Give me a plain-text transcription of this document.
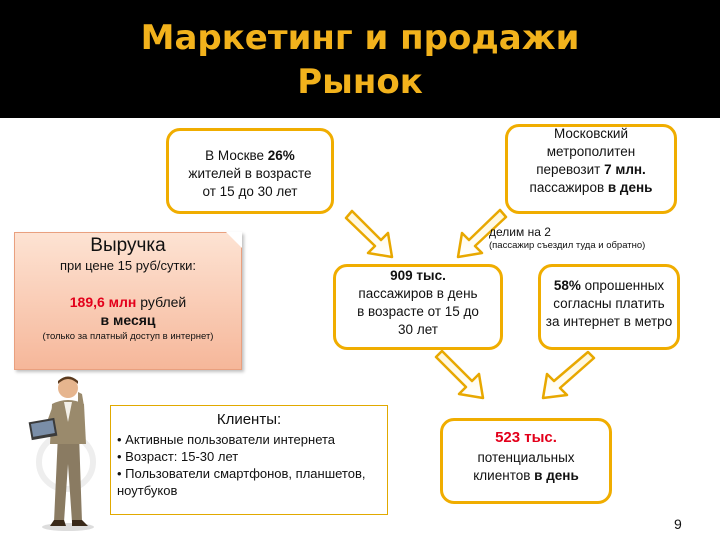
Маркетинг и продажи
Рынок
В Москве 26%
жителей в возрасте
от 15 до 30 лет
Московский
метрополитен
перевозит 7 млн.
пассажиров в день
делим на 2
(пассажир съездил туда и обратно)
909 тыс.
пассажиров в день
в возрасте от 15 до
30 лет
58% опрошенных
согласны платить
за интернет в метро
523 тыс.
потенциальных
клиентов в день
Выручка
при цене 15 руб/сутки:
189,6 млн рублей
в месяц
(только за платный доступ в интернет)
Клиенты:
• Активные пользователи интернета
• Возраст: 15-30 лет
• Пользователи смартфонов, планшетов, ноутбуков
9
